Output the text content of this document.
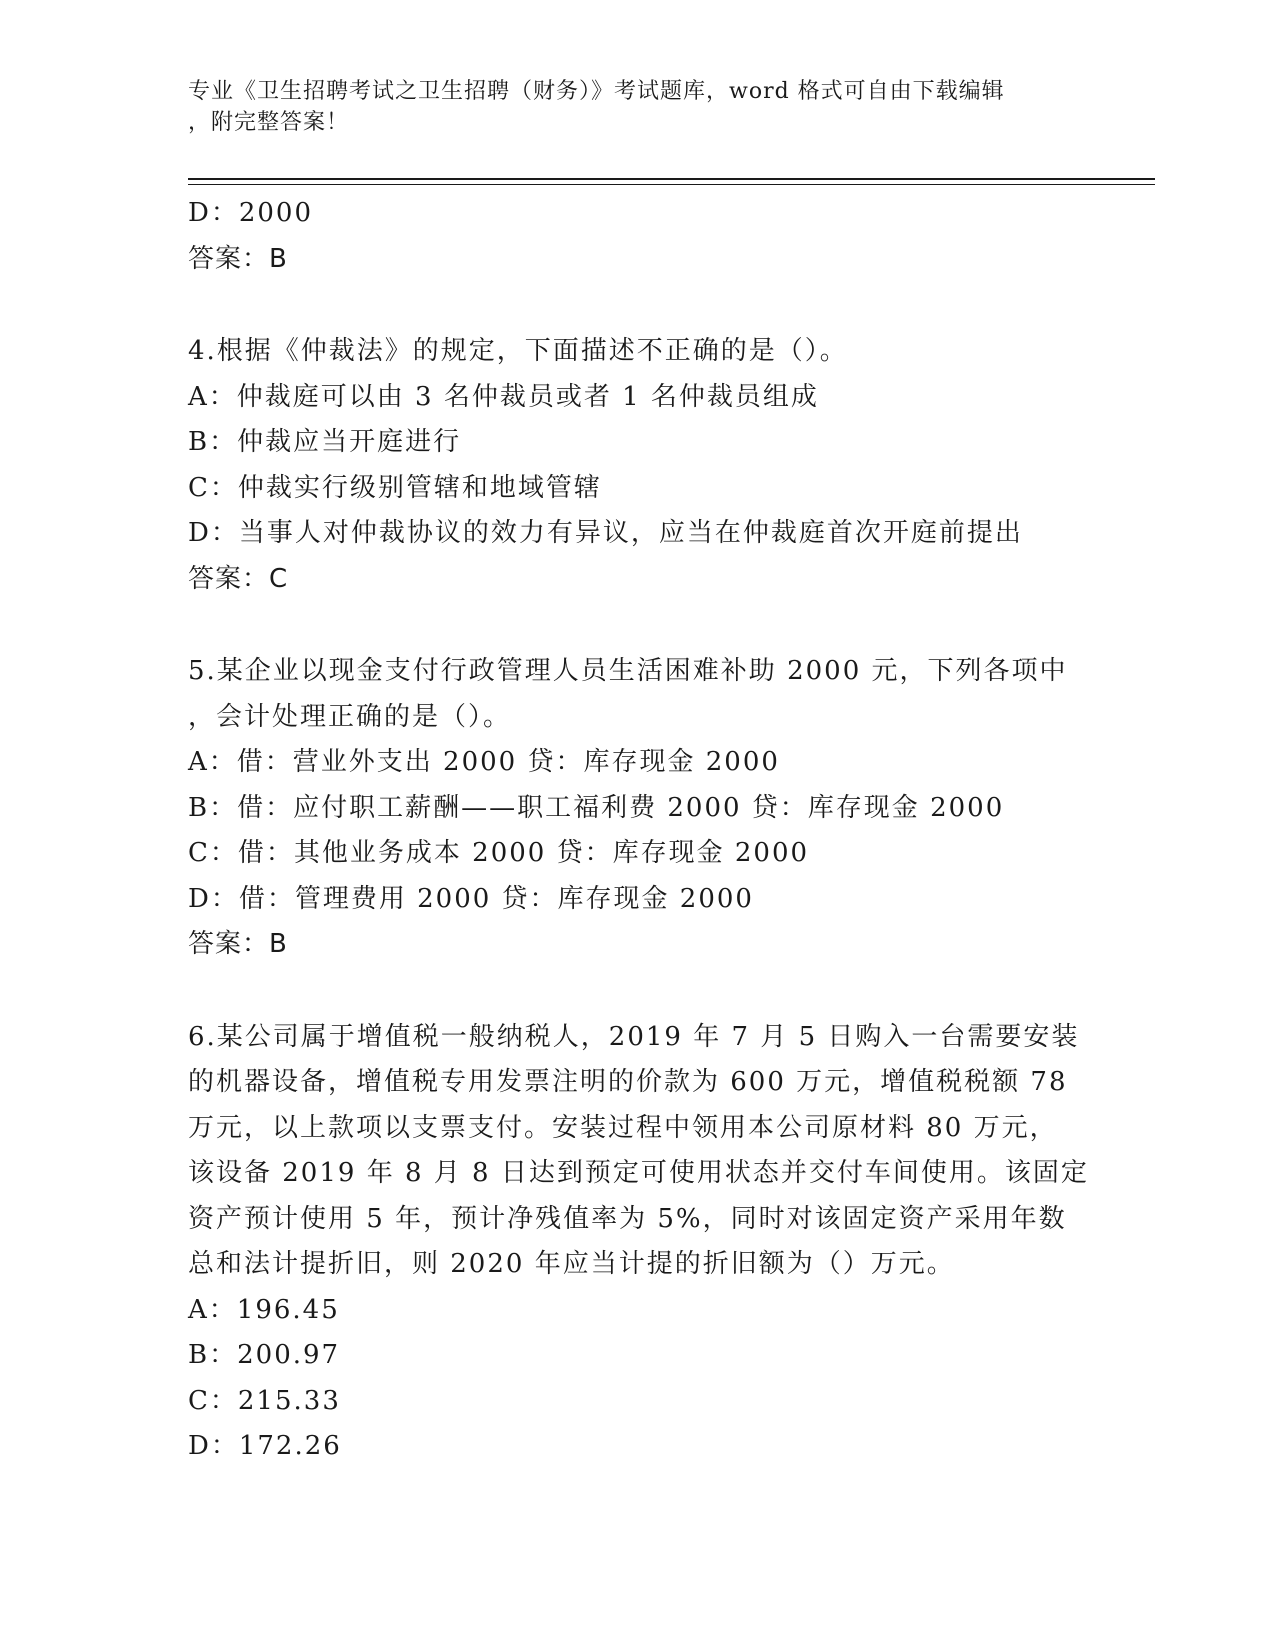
专业《卫生招聘考试之卫生招聘（财务）》考试题库，word 格式可自由下载编辑
，附完整答案！
D：2000
答案：B
4.根据《仲裁法》的规定，下面描述不正确的是（）。
A：仲裁庭可以由 3 名仲裁员或者 1 名仲裁员组成
B：仲裁应当开庭进行
C：仲裁实行级别管辖和地域管辖
D：当事人对仲裁协议的效力有异议，应当在仲裁庭首次开庭前提出
答案：C
5.某企业以现金支付行政管理人员生活困难补助 2000 元，下列各项中
，会计处理正确的是（）。
A：借：营业外支出 2000 贷：库存现金 2000
B：借：应付职工薪酬——职工福利费 2000 贷：库存现金 2000
C：借：其他业务成本 2000 贷：库存现金 2000
D：借：管理费用 2000 贷：库存现金 2000
答案：B
6.某公司属于增值税一般纳税人，2019 年 7 月 5 日购入一台需要安装
的机器设备，增值税专用发票注明的价款为 600 万元，增值税税额 78
万元，以上款项以支票支付。安装过程中领用本公司原材料 80 万元，
该设备 2019 年 8 月 8 日达到预定可使用状态并交付车间使用。该固定
资产预计使用 5 年，预计净残值率为 5%，同时对该固定资产采用年数
总和法计提折旧，则 2020 年应当计提的折旧额为（）万元。
A：196.45
B：200.97
C：215.33
D：172.26
